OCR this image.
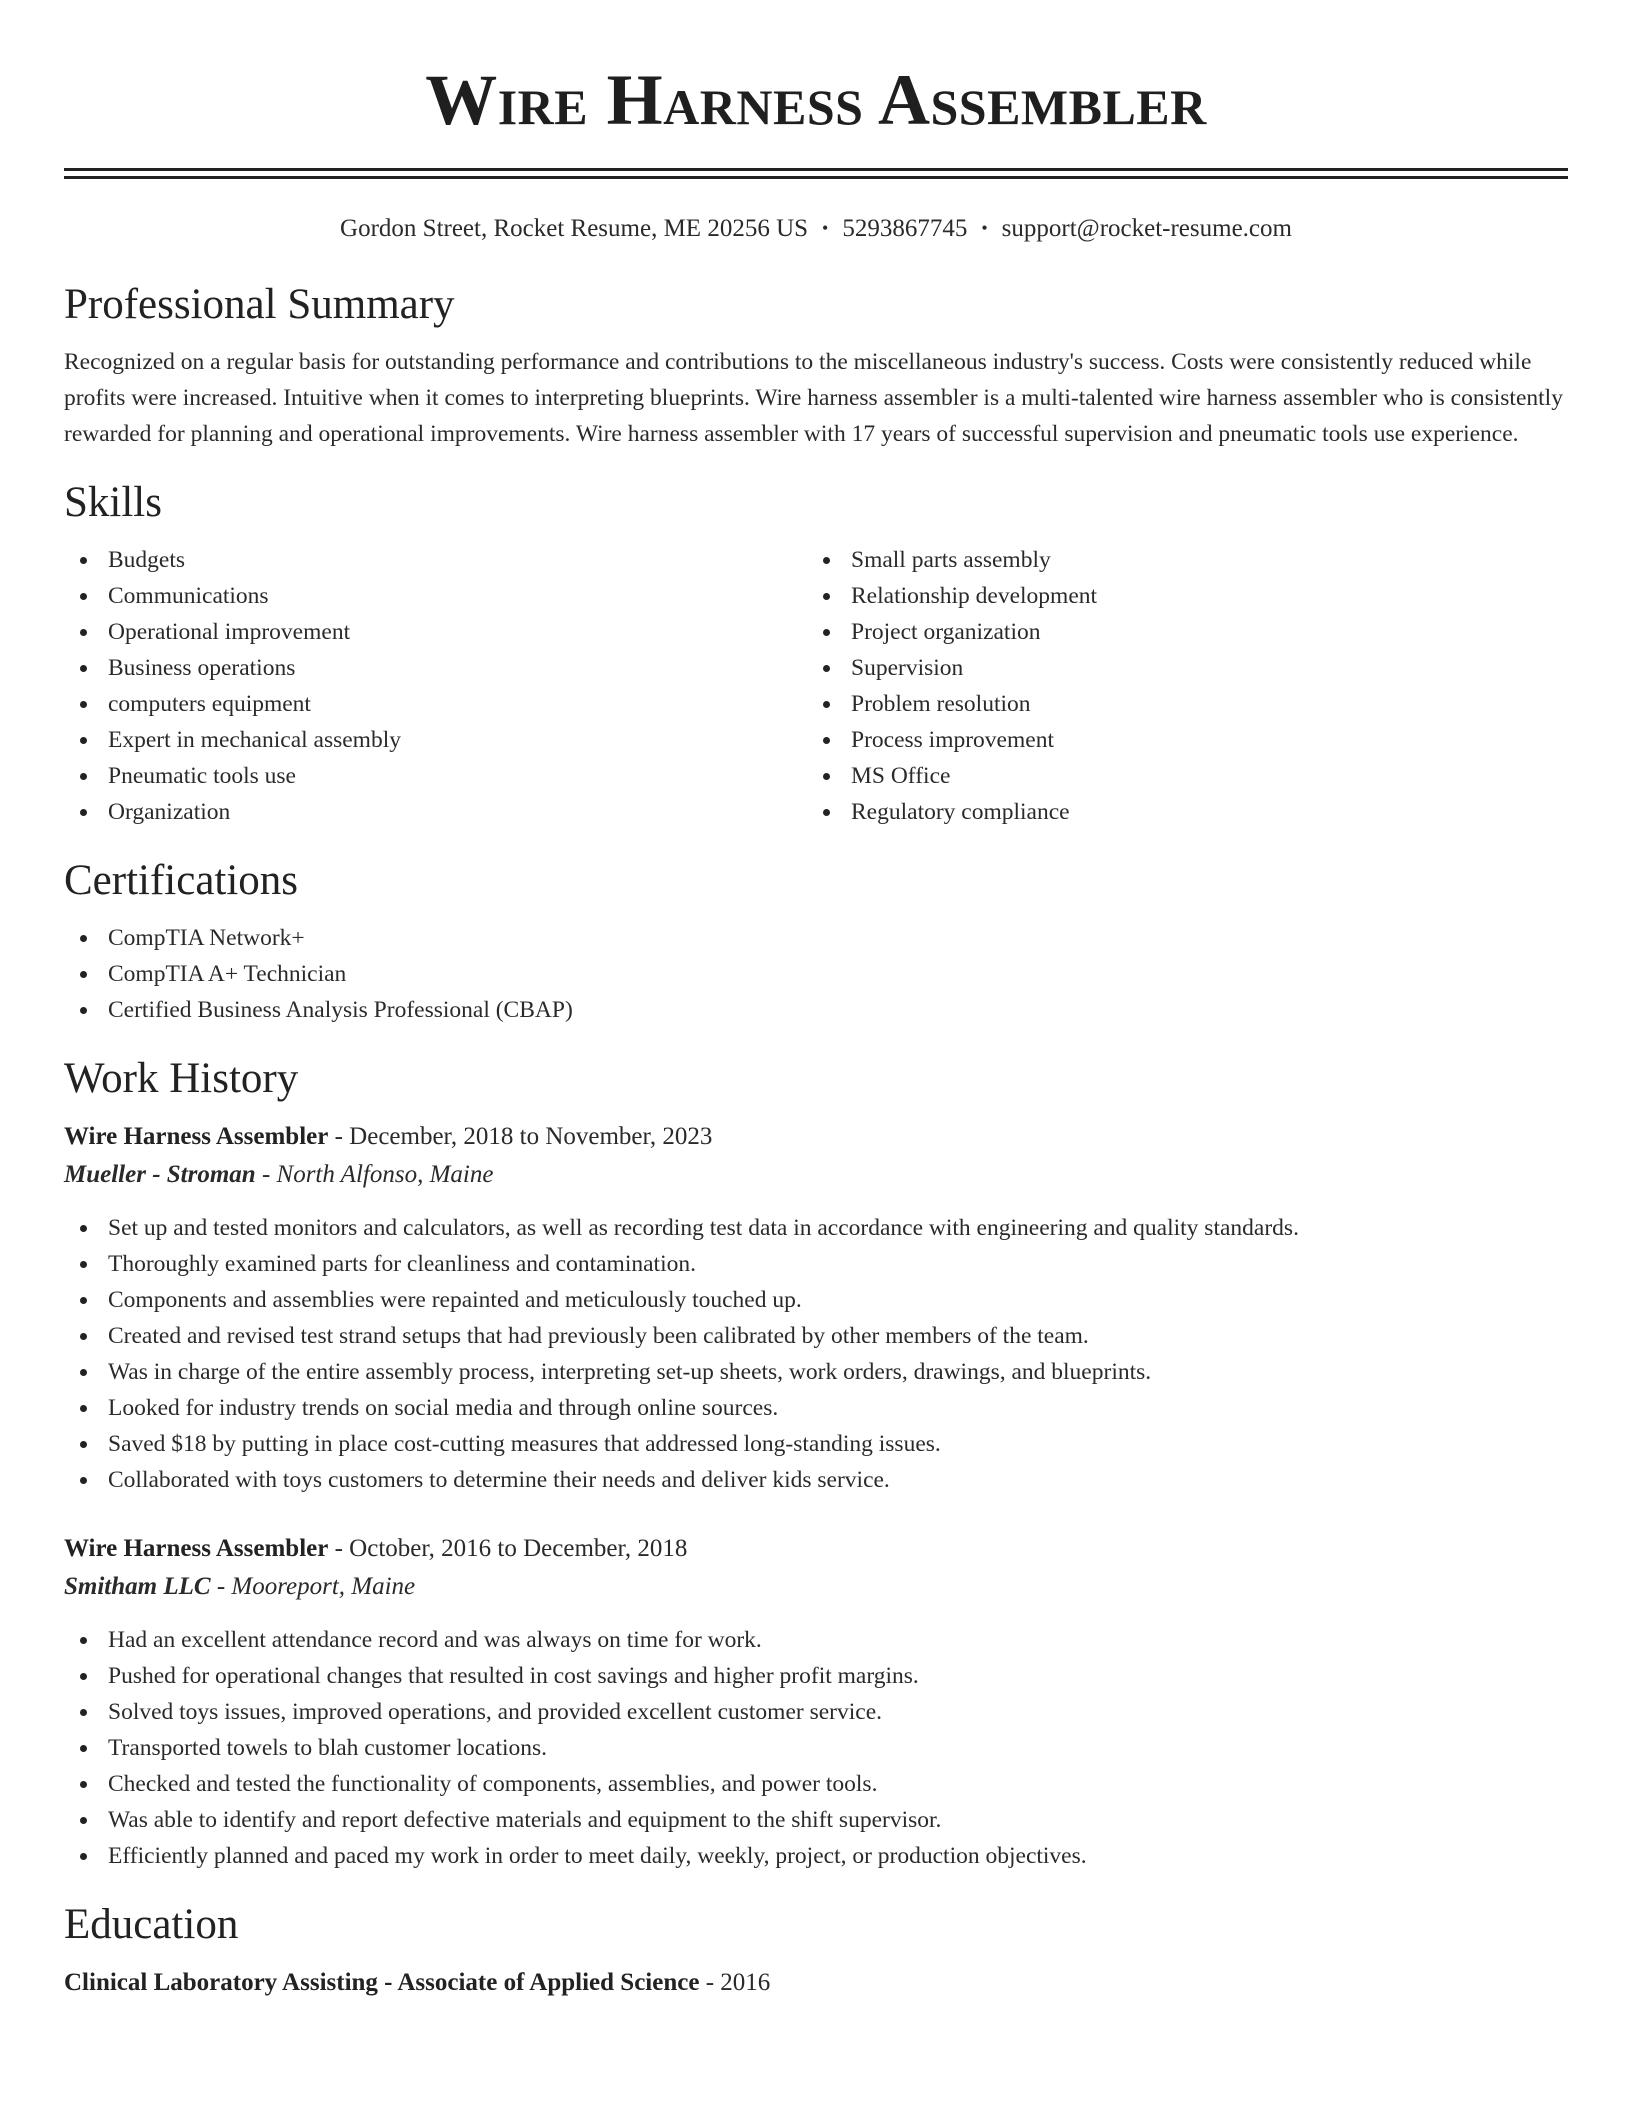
Wire Harness Assembler
Gordon Street, Rocket Resume, ME 20256 US • 5293867745 • support@rocket-resume.com
Professional Summary

Recognized on a regular basis for outstanding performance and contributions to the miscellaneous industry's success. Costs were consistently reduced while profits were increased. Intuitive when it comes to interpreting blueprints. Wire harness assembler is a multi-talented wire harness assembler who is consistently rewarded for planning and operational improvements. Wire harness assembler with 17 years of successful supervision and pneumatic tools use experience.

Skills
Budgets
Communications
Operational improvement
Business operations
computers equipment
Expert in mechanical assembly
Pneumatic tools use
Organization
Small parts assembly
Relationship development
Project organization
Supervision
Problem resolution
Process improvement
MS Office
Regulatory compliance
Certifications
CompTIA Network+
CompTIA A+ Technician
Certified Business Analysis Professional (CBAP)
Work History
Wire Harness Assembler - December, 2018 to November, 2023
Mueller - Stroman - North Alfonso, Maine
Set up and tested monitors and calculators, as well as recording test data in accordance with engineering and quality standards.
Thoroughly examined parts for cleanliness and contamination.
Components and assemblies were repainted and meticulously touched up.
Created and revised test strand setups that had previously been calibrated by other members of the team.
Was in charge of the entire assembly process, interpreting set-up sheets, work orders, drawings, and blueprints.
Looked for industry trends on social media and through online sources.
Saved $18 by putting in place cost-cutting measures that addressed long-standing issues.
Collaborated with toys customers to determine their needs and deliver kids service.
Wire Harness Assembler - October, 2016 to December, 2018
Smitham LLC - Mooreport, Maine
Had an excellent attendance record and was always on time for work.
Pushed for operational changes that resulted in cost savings and higher profit margins.
Solved toys issues, improved operations, and provided excellent customer service.
Transported towels to blah customer locations.
Checked and tested the functionality of components, assemblies, and power tools.
Was able to identify and report defective materials and equipment to the shift supervisor.
Efficiently planned and paced my work in order to meet daily, weekly, project, or production objectives.
Education
Clinical Laboratory Assisting - Associate of Applied Science - 2016
